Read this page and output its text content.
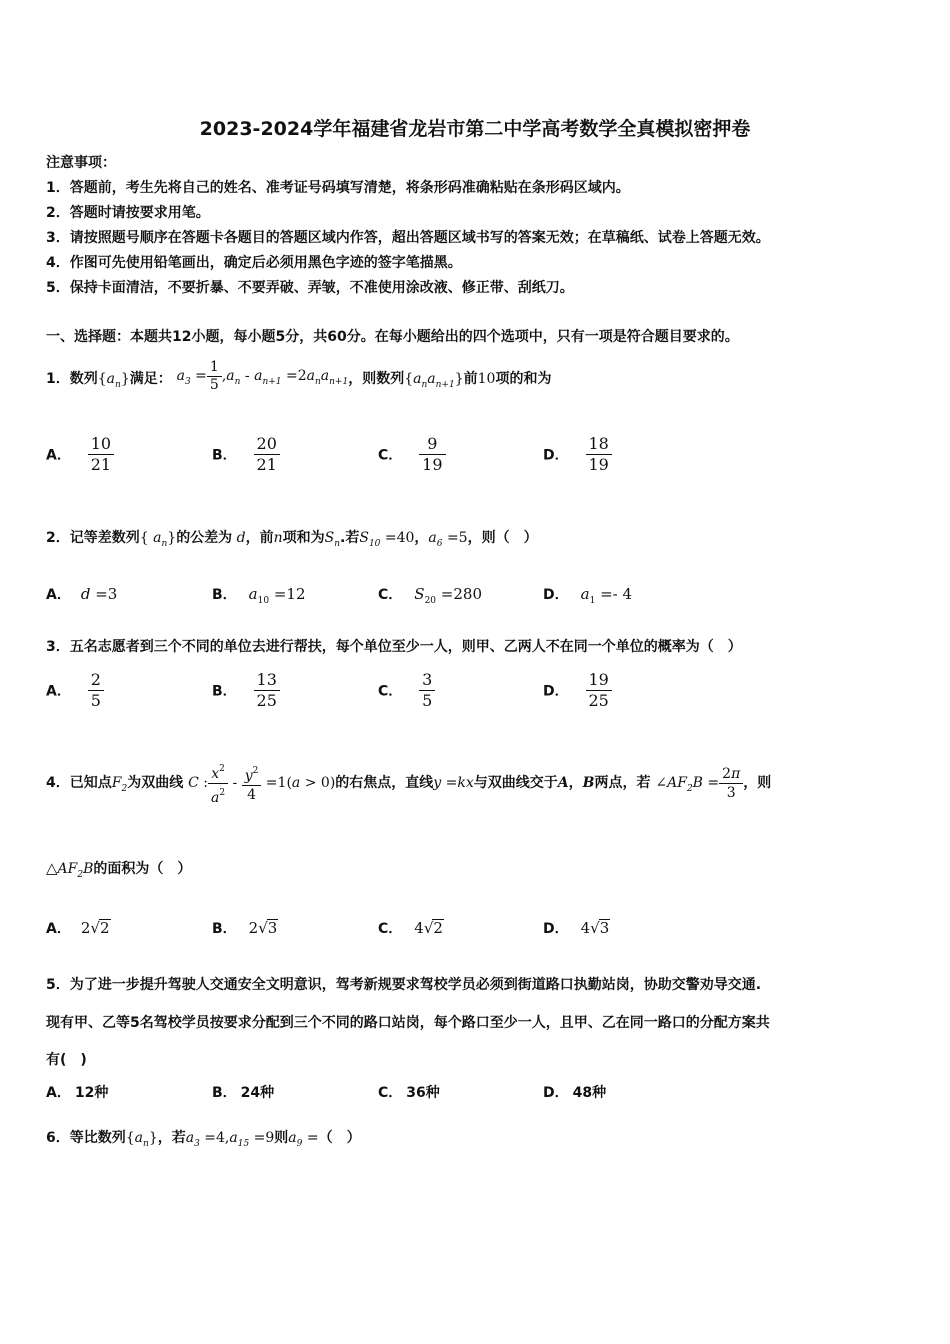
2023-2024学年福建省龙岩市第二中学高考数学全真模拟密押卷
注意事项：
1．答题前，考生先将自己的姓名、准考证号码填写清楚，将条形码准确粘贴在条形码区域内。
2．答题时请按要求用笔。
3．请按照题号顺序在答题卡各题目的答题区域内作答，超出答题区域书写的答案无效；在草稿纸、试卷上答题无效。
4．作图可先使用铅笔画出，确定后必须用黑色字迹的签字笔描黑。
5．保持卡面清洁，不要折暴、不要弄破、弄皱，不准使用涂改液、修正带、刮纸刀。
一、选择题：本题共12小题，每小题5分，共60分。在每小题给出的四个选项中，只有一项是符合题目要求的。
1．数列$\{a_n\}$满足： $a_3 = \frac{1}{5} ,a_n - a_{n+1} =2a_na_{n+1}$，则数列$\{a_na_{n+1}\}$前10项的和为
A． $\frac{10}{21}$	B． $\frac{20}{21}$	C． $\frac{9}{19}$	D． $\frac{18}{19}$
2．记等差数列{ $a_n$}的公差为 d，前n项和为$S_n$.若$S_{10} =40$，$a_6 =5$，则（　）
A． d =3	B． $a_{10} =12$	C． $S_{20} =280$	D． $a_1 =- 4$
3．五名志愿者到三个不同的单位去进行帮扶，每个单位至少一人，则甲、乙两人不在同一个单位的概率为（　）
A． $\frac{2}{5}$	B． $\frac{13}{25}$	C． $\frac{3}{5}$	D． $\frac{19}{25}$
4．已知点$F_2$为双曲线 C : $\frac{x^2}{a^2} - \frac{y^2}{4} =1(a > 0)$的右焦点，直线y =kx与双曲线交于A，B两点，若 $\angle AF_2B = \frac{2\pi}{3}$ ，则
$\triangle AF_2B$的面积为（　）
A． 2√2	B． 2√3	C． 4√2	D． 4√3
5．为了进一步提升驾驶人交通安全文明意识，驾考新规要求驾校学员必须到街道路口执勤站岗，协助交警劝导交通.
现有甲、乙等5名驾校学员按要求分配到三个不同的路口站岗，每个路口至少一人，且甲、乙在同一路口的分配方案共
有(　)
A． 12种	B． 24种	C． 36种	D． 48种
6．等比数列$\{a_n\}$，若$a_3 =4,a_{15} =9$则$a_9$ =（　）
